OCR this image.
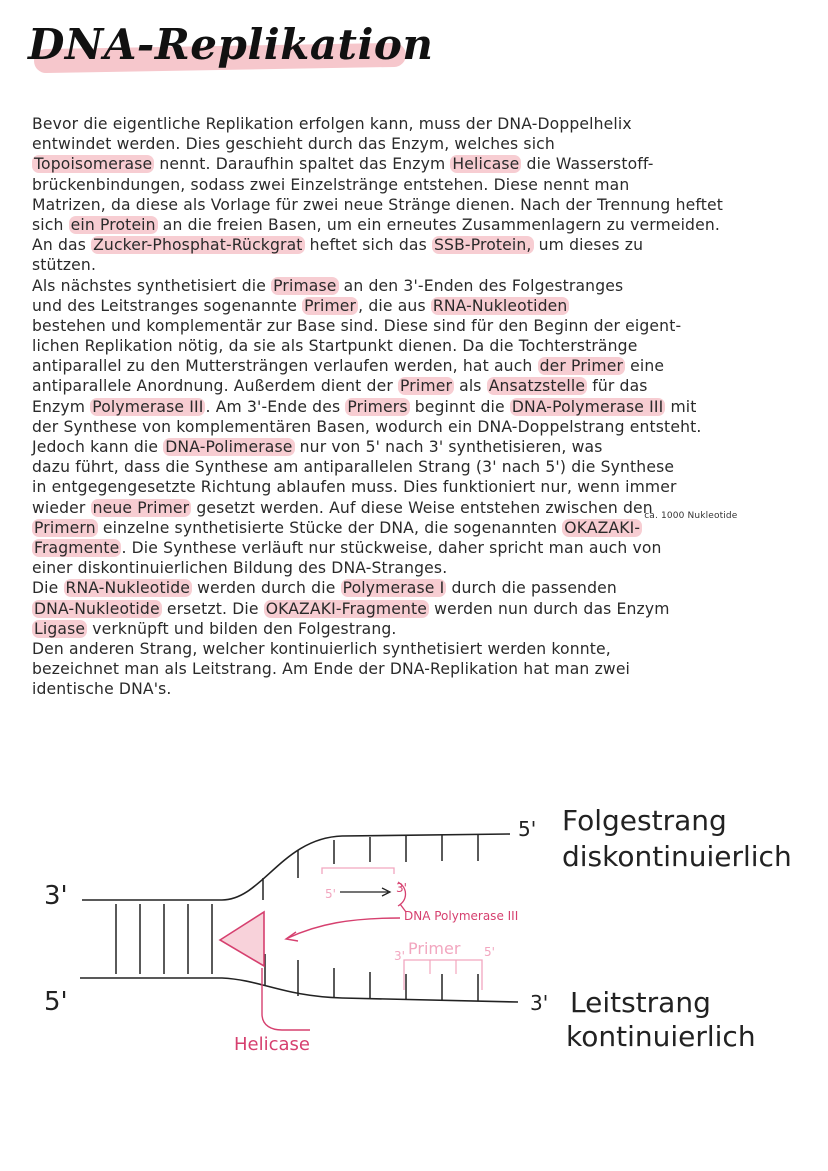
DNA-Replikation
Bevor die eigentliche Replikation erfolgen kann, muss der DNA-Doppelhelix
entwindet werden. Dies geschieht durch das Enzym, welches sich
Topoisomerase nennt. Daraufhin spaltet das Enzym Helicase die Wasserstoff-
brückenbindungen, sodass zwei Einzelstränge entstehen. Diese nennt man
Matrizen, da diese als Vorlage für zwei neue Stränge dienen. Nach der Trennung heftet
sich ein Protein an die freien Basen, um ein erneutes Zusammenlagern zu vermeiden.
An das Zucker-Phosphat-Rückgrat heftet sich das SSB-Protein, um dieses zu
stützen.
Als nächstes synthetisiert die Primase an den 3'-Enden des Folgestranges
und des Leitstranges sogenannte Primer , die aus RNA-Nukleotiden
bestehen und komplementär zur Base sind. Diese sind für den Beginn der eigent-
lichen Replikation nötig, da sie als Startpunkt dienen. Da die Tochterstränge
antiparallel zu den Muttersträngen verlaufen werden, hat auch der Primer eine
antiparallele Anordnung. Außerdem dient der Primer als Ansatzstelle für das
Enzym Polymerase III . Am 3'-Ende des Primers beginnt die DNA-Polymerase III mit
der Synthese von komplementären Basen, wodurch ein DNA-Doppelstrang entsteht.
Jedoch kann die DNA-Polimerase nur von 5' nach 3' synthetisieren, was
dazu führt, dass die Synthese am antiparallelen Strang (3' nach 5') die Synthese
in entgegengesetzte Richtung ablaufen muss. Dies funktioniert nur, wenn immer
wieder neue Primer gesetzt werden. Auf diese Weise entstehen zwischen den
Primern einzelne synthetisierte Stücke der DNA, die sogenannten OKAZAKI-ca. 1000 Nukleotide
Fragmente . Die Synthese verläuft nur stückweise, daher spricht man auch von
einer diskontinuierlichen Bildung des DNA-Stranges.
Die RNA-Nukleotide werden durch die Polymerase I durch die passenden
DNA-Nukleotide ersetzt. Die OKAZAKI-Fragmente werden nun durch das Enzym
Ligase verknüpft und bilden den Folgestrang.
Den anderen Strang, welcher kontinuierlich synthetisiert werden konnte,
bezeichnet man als Leitstrang. Am Ende der DNA-Replikation hat man zwei
identische DNA's.
5'	3'
DNA Polymerase III
3' Primer 5'
Helicase
3'
5'
5'
3'
Folgestrang
diskontinuierlich
Leitstrang
kontinuierlich
